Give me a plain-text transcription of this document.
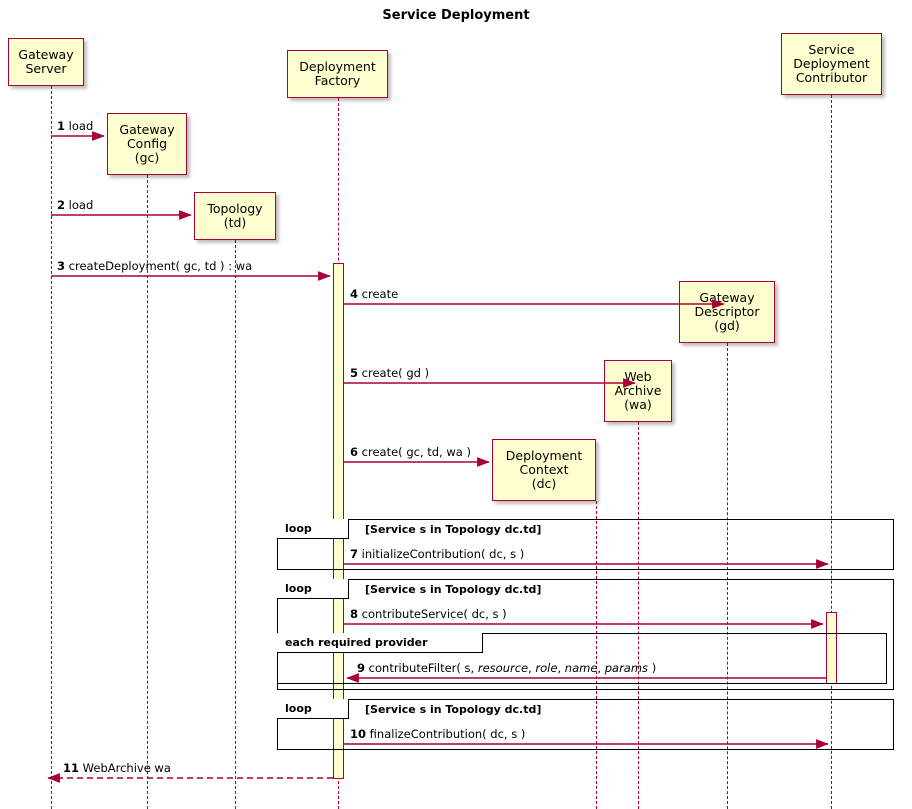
Service Deployment
Gateway
Server	Deployment
Factory
Service
Deployment
Contributor
Gateway
Config
(gc)
Topology
(td)
Gateway
Descriptor
(gd)
Web
Archive
(wa)
Deployment
Context
(dc)
loop	[Service s in Topology dc.td]
loop	[Service s in Topology dc.td]
each required provider
loop	[Service s in Topology dc.td]
1 load
2 load
3 createDeployment( gc, td ) : wa
4 create
5 create( gd )
6 create( gc, td, wa )
7 initializeContribution( dc, s )
8 contributeService( dc, s )
9 contributeFilter( s, resource, role, name, params )
10 finalizeContribution( dc, s )
11 WebArchive wa
